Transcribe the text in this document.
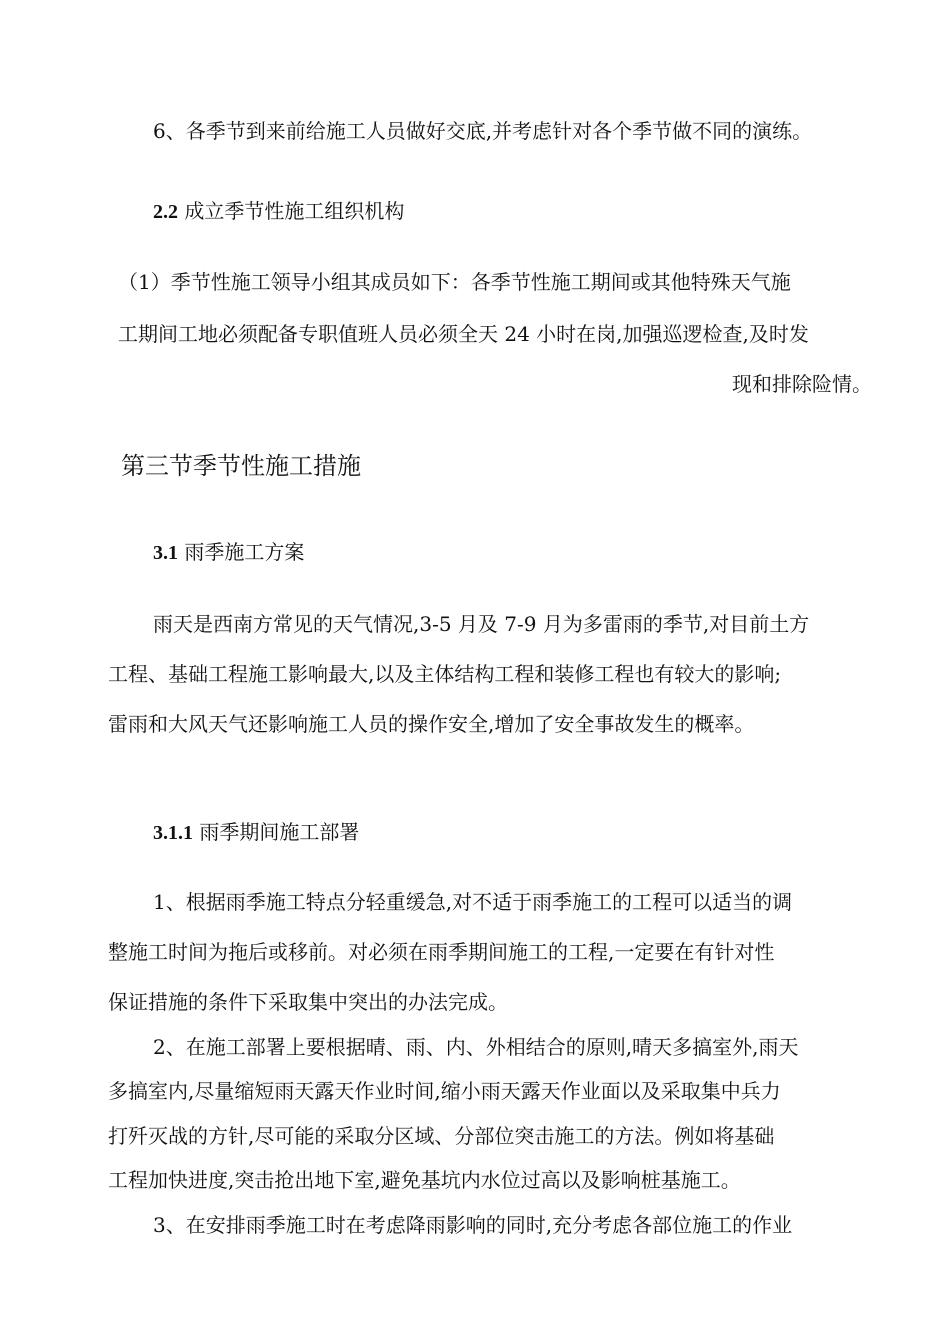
6、各季节到来前给施工人员做好交底,并考虑针对各个季节做不同的演练。
2.2 成立季节性施工组织机构
（1）季节性施工领导小组其成员如下：各季节性施工期间或其他特殊天气施
工期间工地必须配备专职值班人员必须全天 24 小时在岗,加强巡逻检查,及时发
现和排除险情。
第三节季节性施工措施
3.1 雨季施工方案
雨天是西南方常见的天气情况,3-5 月及 7-9 月为多雷雨的季节,对目前土方
工程、基础工程施工影响最大,以及主体结构工程和装修工程也有较大的影响;
雷雨和大风天气还影响施工人员的操作安全,增加了安全事故发生的概率。
3.1.1 雨季期间施工部署
1、根据雨季施工特点分轻重缓急,对不适于雨季施工的工程可以适当的调
整施工时间为拖后或移前。对必须在雨季期间施工的工程,一定要在有针对性
保证措施的条件下采取集中突出的办法完成。
2、在施工部署上要根据晴、雨、内、外相结合的原则,晴天多搞室外,雨天
多搞室内,尽量缩短雨天露天作业时间,缩小雨天露天作业面以及采取集中兵力
打歼灭战的方针,尽可能的采取分区域、分部位突击施工的方法。例如将基础
工程加快进度,突击抢出地下室,避免基坑内水位过高以及影响桩基施工。
3、在安排雨季施工时在考虑降雨影响的同时,充分考虑各部位施工的作业
